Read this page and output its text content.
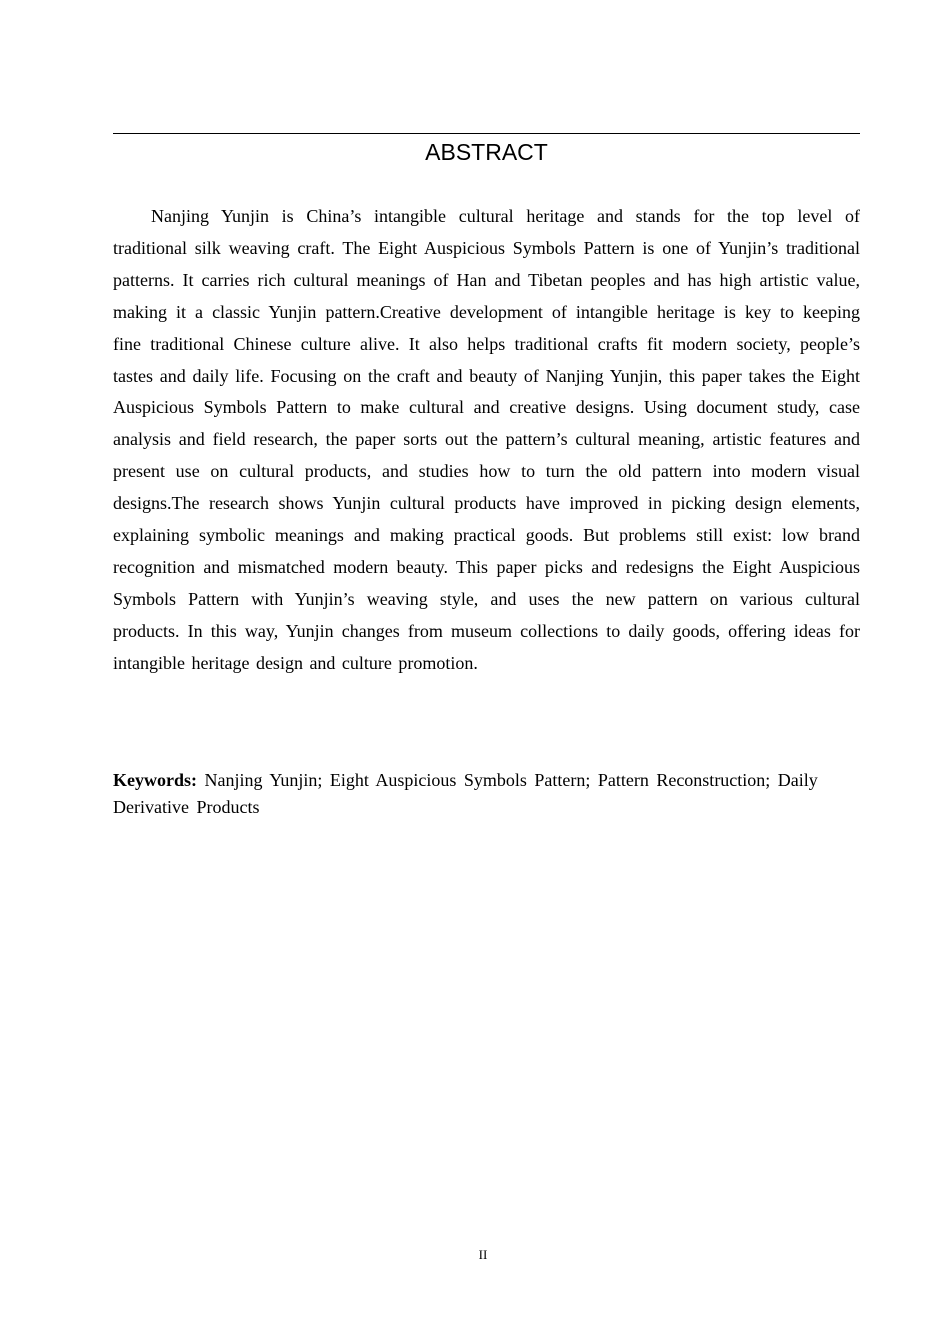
ABSTRACT

Nanjing Yunjin is China’s intangible cultural heritage and stands for the top level of traditional silk weaving craft. The Eight Auspicious Symbols Pattern is one of Yunjin’s traditional patterns. It carries rich cultural meanings of Han and Tibetan peoples and has high artistic value, making it a classic Yunjin pattern.Creative development of intangible heritage is key to keeping fine traditional Chinese culture alive. It also helps traditional crafts fit modern society, people’s tastes and daily life. Focusing on the craft and beauty of Nanjing Yunjin, this paper takes the Eight Auspicious Symbols Pattern to make cultural and creative designs. Using document study, case analysis and field research, the paper sorts out the pattern’s cultural meaning, artistic features and present use on cultural products, and studies how to turn the old pattern into modern visual designs.The research shows Yunjin cultural products have improved in picking design elements, explaining symbolic meanings and making practical goods. But problems still exist: low brand recognition and mismatched modern beauty. This paper picks and redesigns the Eight Auspicious Symbols Pattern with Yunjin’s weaving style, and uses the new pattern on various cultural products. In this way, Yunjin changes from museum collections to daily goods, offering ideas for intangible heritage design and culture promotion.

Keywords: Nanjing Yunjin; Eight Auspicious Symbols Pattern; Pattern Reconstruction; Daily Derivative Products

II
